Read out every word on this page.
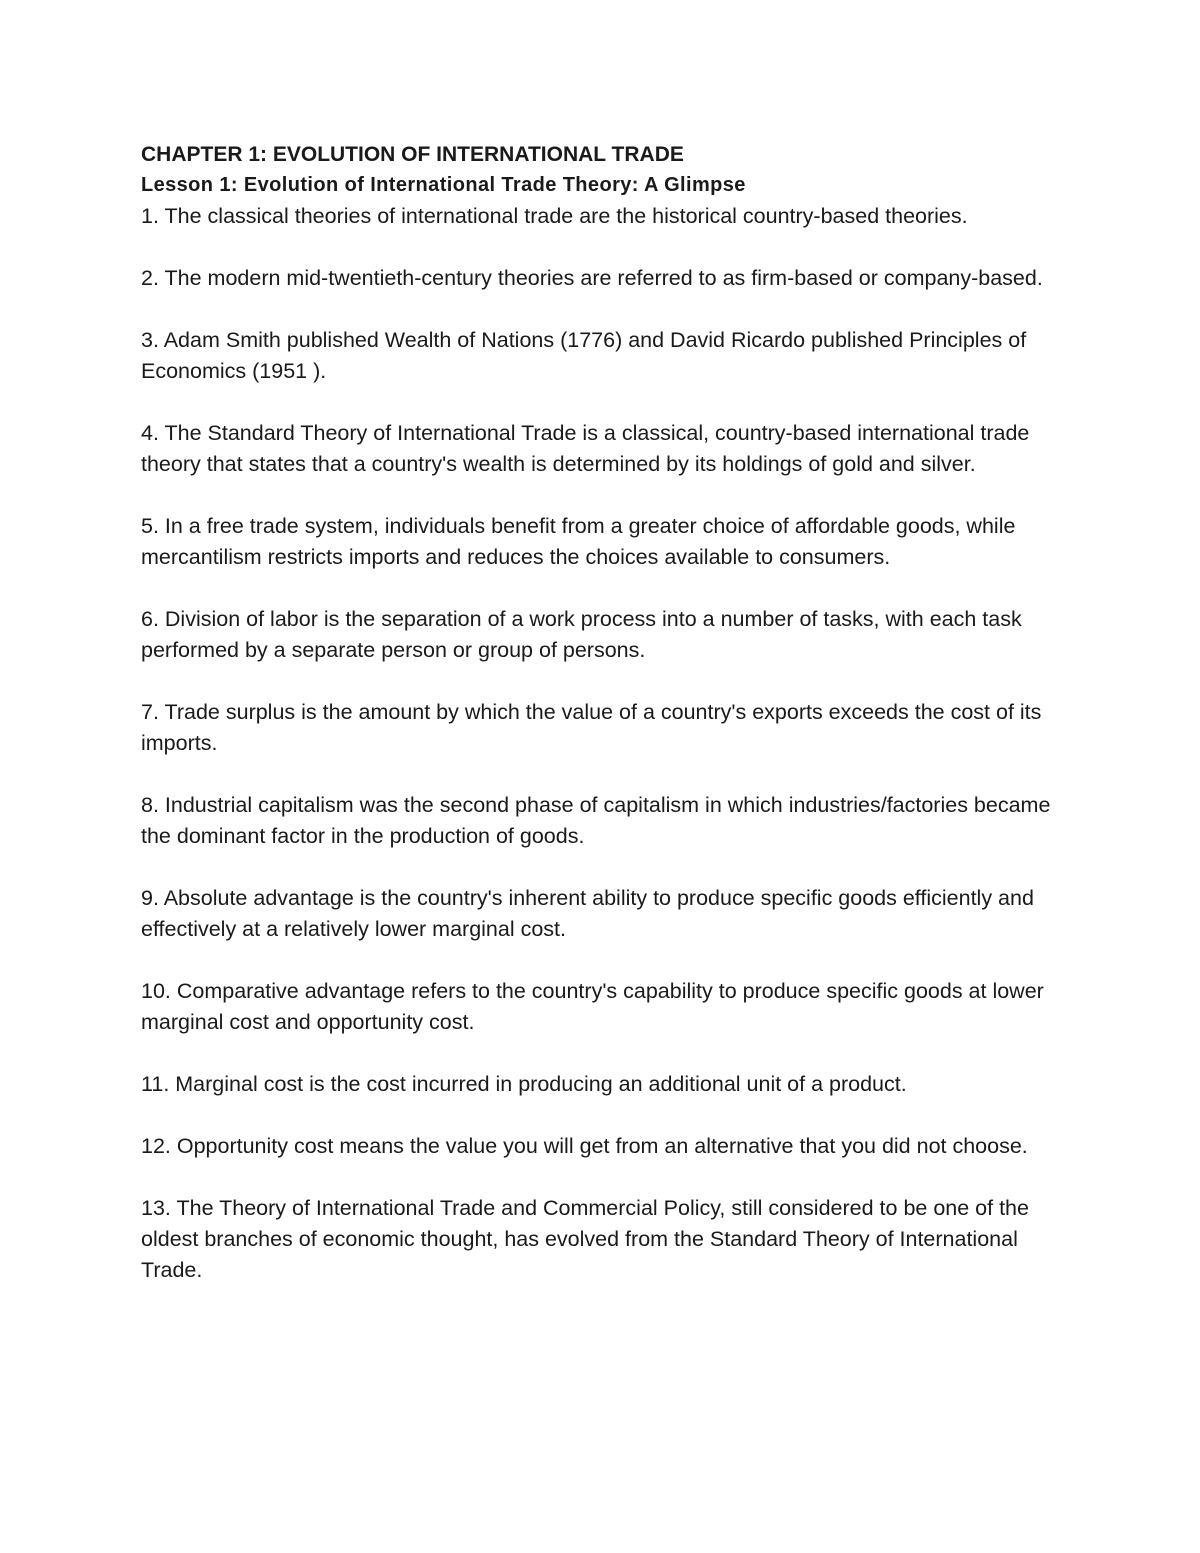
CHAPTER 1: EVOLUTION OF INTERNATIONAL TRADE
Lesson 1: Evolution of International Trade Theory: A Glimpse

1. The classical theories of international trade are the historical country-based theories.

2. The modern mid-twentieth-century theories are referred to as firm-based or company-based.

3. Adam Smith published Wealth of Nations (1776) and David Ricardo published Principles of Economics (1951 ).

4. The Standard Theory of International Trade is a classical, country-based international trade theory that states that a country's wealth is determined by its holdings of gold and silver.

5. In a free trade system, individuals benefit from a greater choice of affordable goods, while mercantilism restricts imports and reduces the choices available to consumers.

6. Division of labor is the separation of a work process into a number of tasks, with each task performed by a separate person or group of persons.

7. Trade surplus is the amount by which the value of a country's exports exceeds the cost of its imports.

8. Industrial capitalism was the second phase of capitalism in which industries/factories became the dominant factor in the production of goods.

9. Absolute advantage is the country's inherent ability to produce specific goods efficiently and effectively at a relatively lower marginal cost.

10. Comparative advantage refers to the country's capability to produce specific goods at lower marginal cost and opportunity cost.

11. Marginal cost is the cost incurred in producing an additional unit of a product.

12. Opportunity cost means the value you will get from an alternative that you did not choose.

13. The Theory of International Trade and Commercial Policy, still considered to be one of the oldest branches of economic thought, has evolved from the Standard Theory of International Trade.
